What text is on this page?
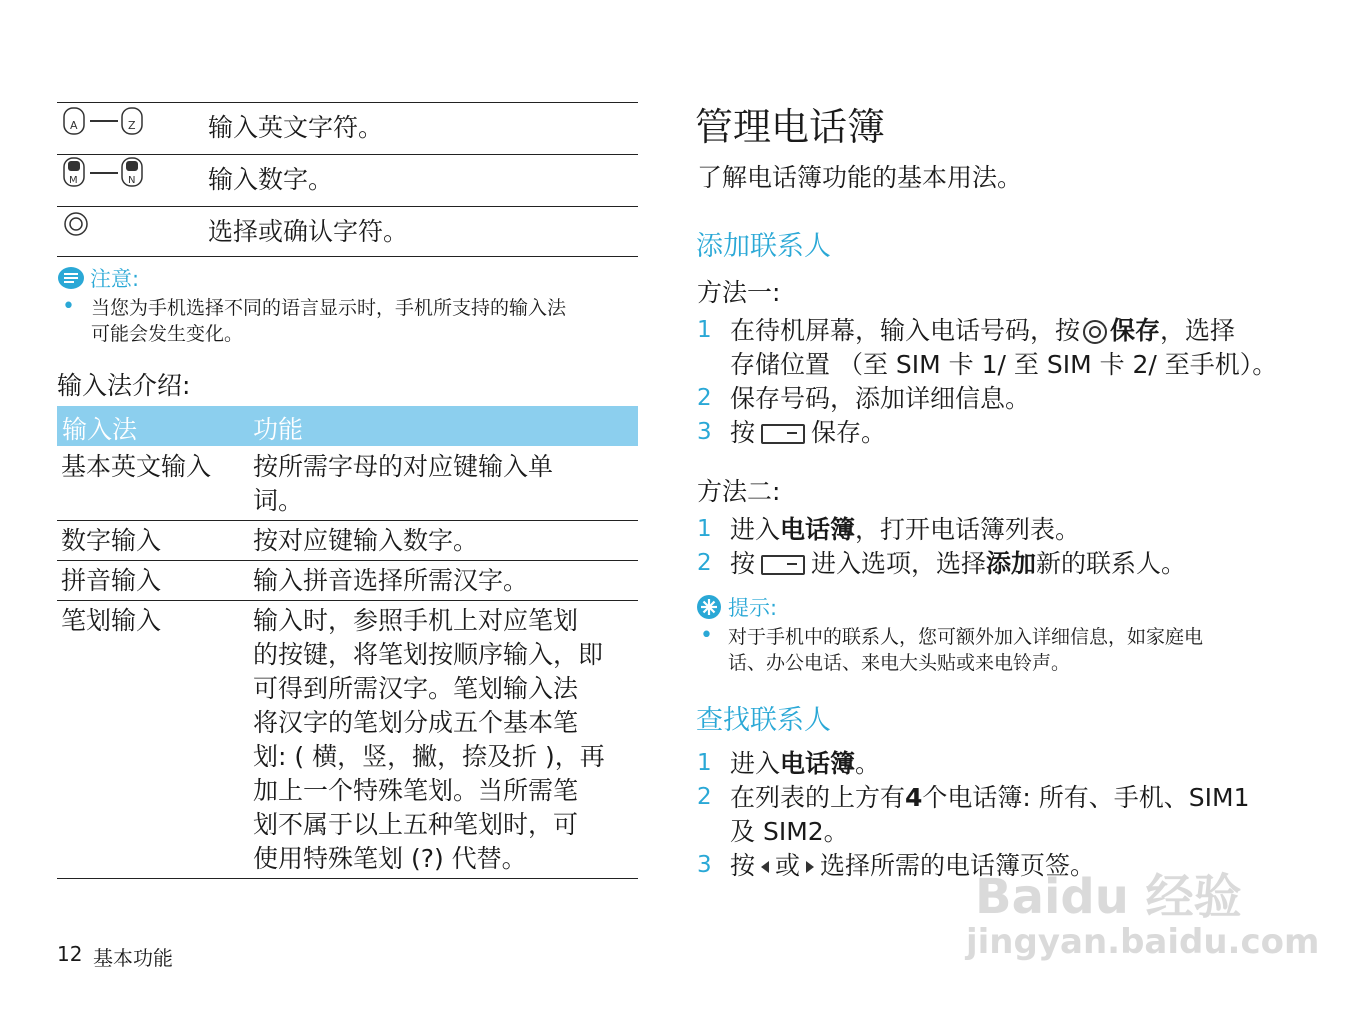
A	Z	输入英文字符。
M	N	输入数字。
选择或确认字符。
注意:
• 当您为手机选择不同的语言显示时，手机所支持的输入法
可能会发生变化。
输入法介绍:
输入法	功能
基本英文输入 按所需字母的对应键输入单
词。
数字输入	按对应键输入数字。
拼音输入	输入拼音选择所需汉字。
笔划输入	输入时，参照手机上对应笔划
的按键，将笔划按顺序输入，即
可得到所需汉字。笔划输入法
将汉字的笔划分成五个基本笔
划: ( 横，竖，撇，捺及折 )，再
加上一个特殊笔划。当所需笔
划不属于以上五种笔划时，可
使用特殊笔划 (?) 代替。
12 基本功能
管理电话簿
了解电话簿功能的基本用法。
添加联系人
方法一:
1 在待机屏幕，输入电话号码，按 保存，选择
存储位置 （至 SIM 卡 1/ 至 SIM 卡 2/ 至手机）。
2 保存号码，添加详细信息。
3 按 保存。
方法二:
1 进入电话簿，打开电话簿列表。
2 按 进入选项，选择添加新的联系人。
提示:
• 对于手机中的联系人，您可额外加入详细信息，如家庭电
话、办公电话、来电大头贴或来电铃声。
查找联系人
1 进入电话簿。
2 在列表的上方有4个电话簿: 所有、手机、SIM1
及 SIM2。
3 按 或 选择所需的电话簿页签。
Baidu 经验
jingyan.baidu.com
